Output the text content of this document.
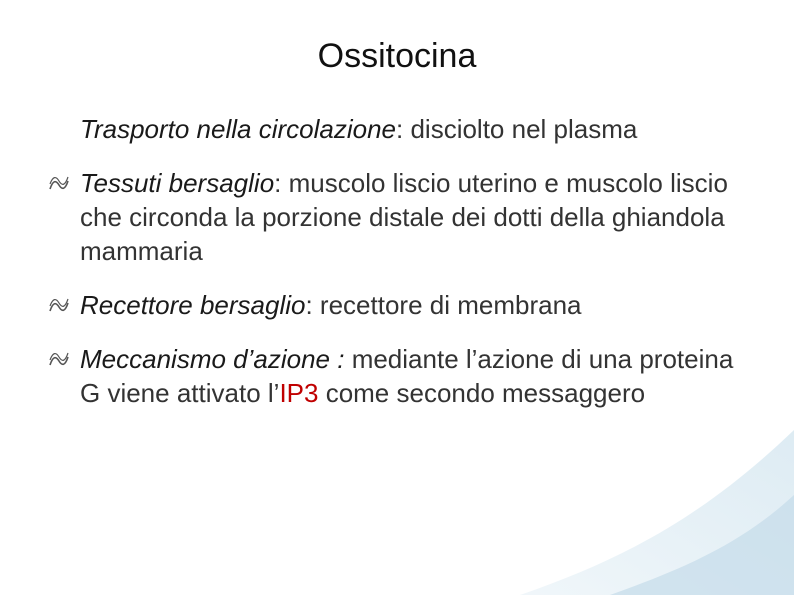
Ossitocina
Trasporto nella circolazione: disciolto nel plasma
Tessuti bersaglio: muscolo liscio uterino e muscolo liscio che circonda la porzione distale dei dotti della ghiandola mammaria
Recettore bersaglio: recettore di membrana
Meccanismo d’azione : mediante l’azione di una proteina G viene attivato l’IP3 come secondo messaggero
